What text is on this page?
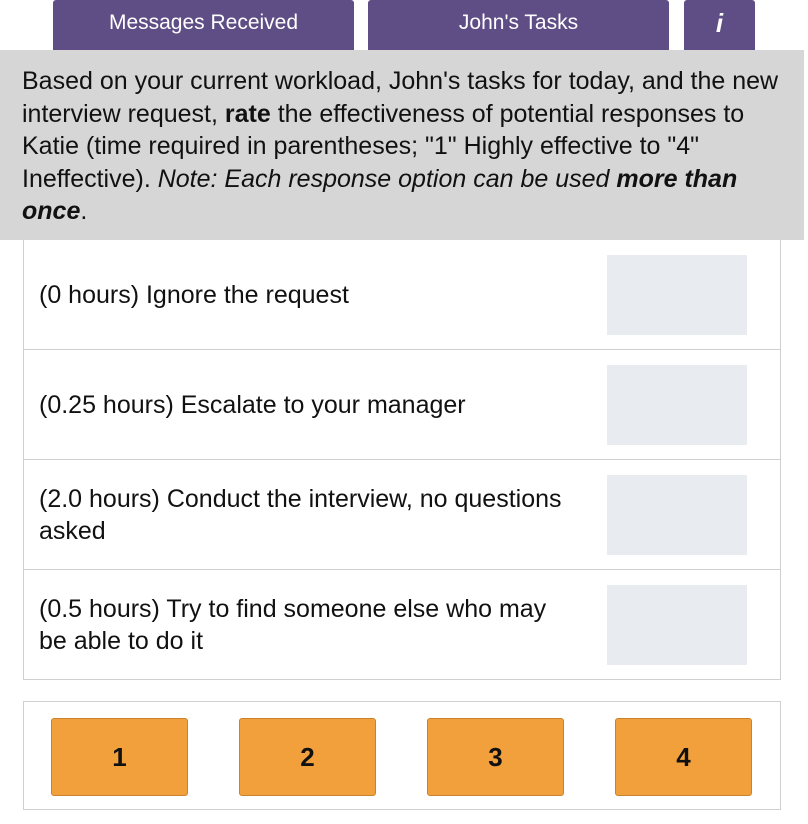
Messages Received	John's Tasks	i

Based on your current workload, John's tasks for today, and the new interview request, rate the effectiveness of potential responses to Katie (time required in parentheses; "1" Highly effective to "4" Ineffective). Note: Each response option can be used more than once.

(0 hours) Ignore the request
(0.25 hours) Escalate to your manager
(2.0 hours) Conduct the interview, no questions asked
(0.5 hours) Try to find someone else who may be able to do it
1	2	3	4
